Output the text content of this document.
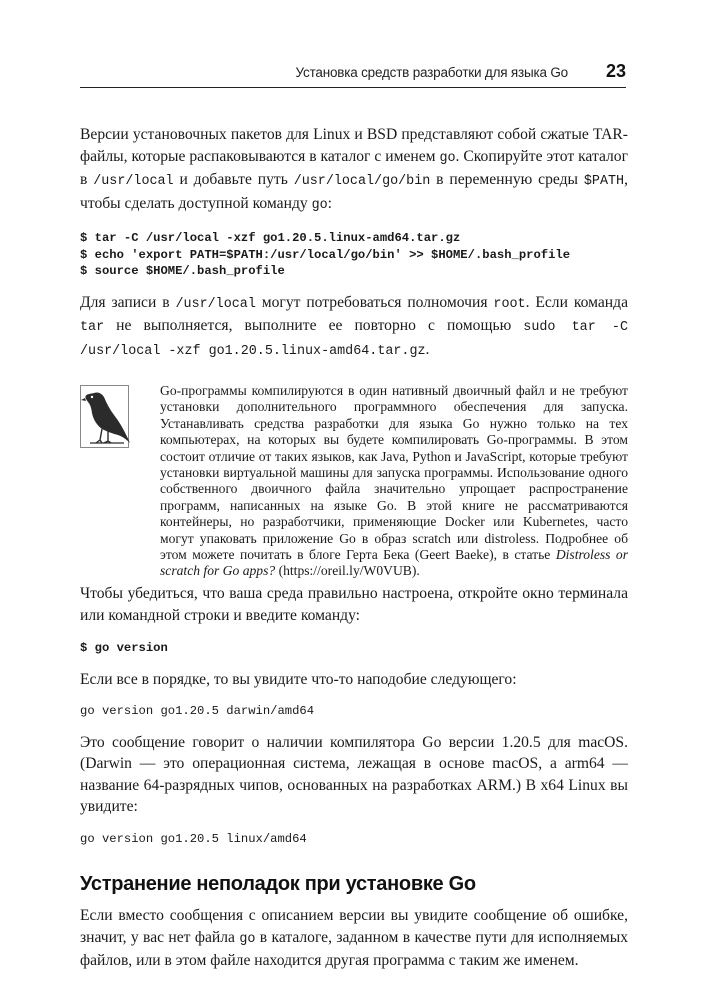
Установка средств разработки для языка Go 23

Версии установочных пакетов для Linux и BSD представляют собой сжатые TAR-файлы, которые распаковываются в каталог с именем go. Скопируйте этот каталог в /usr/local и добавьте путь /usr/local/go/bin в переменную среды $PATH, чтобы сделать доступной команду go:

$ tar -C /usr/local -xzf go1.20.5.linux-amd64.tar.gz
$ echo 'export PATH=$PATH:/usr/local/go/bin' >> $HOME/.bash_profile
$ source $HOME/.bash_profile

Для записи в /usr/local могут потребоваться полномочия root. Если команда tar не выполняется, выполните ее повторно с помощью sudo tar -C /usr/local -xzf go1.20.5.linux-amd64.tar.gz.

Go-программы компилируются в один нативный двоичный файл и не требуют установки дополнительного программного обеспечения для запуска. Устанавливать средства разработки для языка Go нужно только на тех компьютерах, на которых вы будете компилировать Go-программы. В этом состоит отличие от таких языков, как Java, Python и JavaScript, которые требуют установки виртуальной машины для запуска программы. Использование одного собственного двоичного файла значительно упрощает распространение программ, написанных на языке Go. В этой книге не рассматриваются контейнеры, но разработчики, применяющие Docker или Kubernetes, часто могут упаковать приложение Go в образ scratch или distroless. Подробнее об этом можете почитать в блоге Герта Бека (Geert Baeke), в статье Distroless or scratch for Go apps? (https://oreil.ly/W0VUB).

Чтобы убедиться, что ваша среда правильно настроена, откройте окно терминала или командной строки и введите команду:

$ go version

Если все в порядке, то вы увидите что-то наподобие следующего:

go version go1.20.5 darwin/amd64

Это сообщение говорит о наличии компилятора Go версии 1.20.5 для macOS. (Darwin — это операционная система, лежащая в основе macOS, а arm64 — название 64-разрядных чипов, основанных на разработках ARM.) В x64 Linux вы увидите:

go version go1.20.5 linux/amd64
Устранение неполадок при установке Go

Если вместо сообщения с описанием версии вы увидите сообщение об ошибке, значит, у вас нет файла go в каталоге, заданном в качестве пути для исполняемых файлов, или в этом файле находится другая программа с таким же именем.
